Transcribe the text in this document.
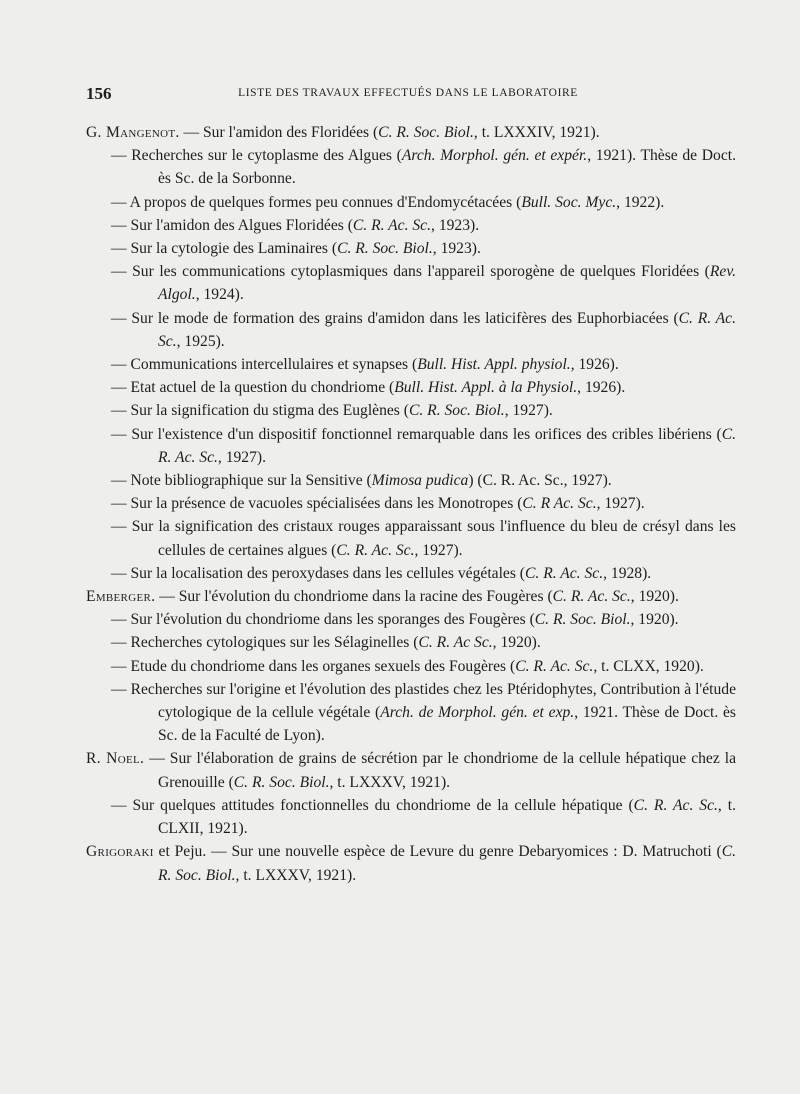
156	LISTE DES TRAVAUX EFFECTUÉS DANS LE LABORATOIRE
G. Mangenot. — Sur l'amidon des Floridées (C. R. Soc. Biol., t. LXXXIV, 1921).
— Recherches sur le cytoplasme des Algues (Arch. Morphol. gén. et expér., 1921). Thèse de Doct. ès Sc. de la Sorbonne.
— A propos de quelques formes peu connues d'Endomycétacées (Bull. Soc. Myc., 1922).
— Sur l'amidon des Algues Floridées (C. R. Ac. Sc., 1923).
— Sur la cytologie des Laminaires (C. R. Soc. Biol., 1923).
— Sur les communications cytoplasmiques dans l'appareil sporogène de quelques Floridées (Rev. Algol., 1924).
— Sur le mode de formation des grains d'amidon dans les laticifères des Euphorbiacées (C. R. Ac. Sc., 1925).
— Communications intercellulaires et synapses (Bull. Hist. Appl. physiol., 1926).
— Etat actuel de la question du chondriome (Bull. Hist. Appl. à la Physiol., 1926).
— Sur la signification du stigma des Euglènes (C. R. Soc. Biol., 1927).
— Sur l'existence d'un dispositif fonctionnel remarquable dans les orifices des cribles libériens (C. R. Ac. Sc., 1927).
— Note bibliographique sur la Sensitive (Mimosa pudica) (C. R. Ac. Sc., 1927).
— Sur la présence de vacuoles spécialisées dans les Monotropes (C. R Ac. Sc., 1927).
— Sur la signification des cristaux rouges apparaissant sous l'influence du bleu de crésyl dans les cellules de certaines algues (C. R. Ac. Sc., 1927).
— Sur la localisation des peroxydases dans les cellules végétales (C. R. Ac. Sc., 1928).
Emberger. — Sur l'évolution du chondriome dans la racine des Fougères (C. R. Ac. Sc., 1920).
— Sur l'évolution du chondriome dans les sporanges des Fougères (C. R. Soc. Biol., 1920).
— Recherches cytologiques sur les Sélaginelles (C. R. Ac Sc., 1920).
— Etude du chondriome dans les organes sexuels des Fougères (C. R. Ac. Sc., t. CLXX, 1920).
— Recherches sur l'origine et l'évolution des plastides chez les Ptéridophytes, Contribution à l'étude cytologique de la cellule végétale (Arch. de Morphol. gén. et exp., 1921. Thèse de Doct. ès Sc. de la Faculté de Lyon).
R. Noel. — Sur l'élaboration de grains de sécrétion par le chondriome de la cellule hépatique chez la Grenouille (C. R. Soc. Biol., t. LXXXV, 1921).
— Sur quelques attitudes fonctionnelles du chondriome de la cellule hépatique (C. R. Ac. Sc., t. CLXII, 1921).
Grigoraki et Peju. — Sur une nouvelle espèce de Levure du genre Debaryomices : D. Matruchoti (C. R. Soc. Biol., t. LXXXV, 1921).
